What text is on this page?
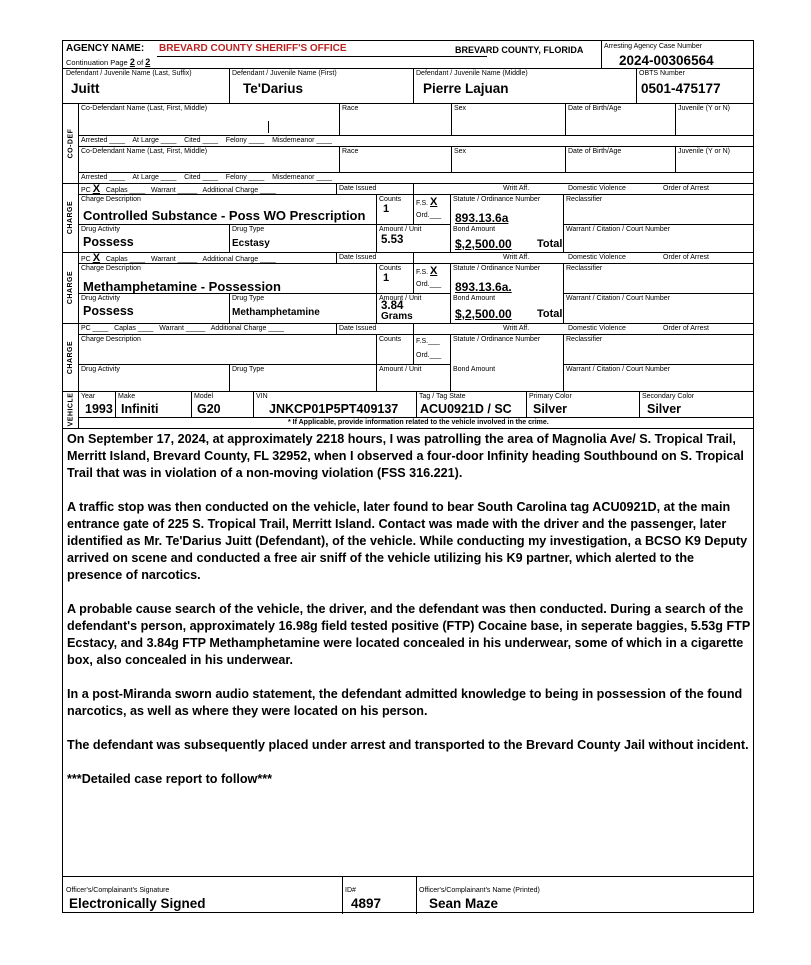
AGENCY NAME: BREVARD COUNTY SHERIFF'S OFFICE
Continuation Page 2 of 2
BREVARD COUNTY, FLORIDA	Arresting Agency Case Number
2024-00306564
Defendant / Juvenile Name (Last, Suffix)
Juitt
Defendant / Juvenile Name (First)
Te'Darius
Defendant / Juvenile Name (Middle)
Pierre Lajuan
OBTS Number
0501-475177
CO-DEF
Co-Defendant Name (Last, First, Middle)	Race	Sex	Date of Birth/Age	Juvenile (Y or N)
Arrested ____    At Large ____    Cited ____    Felony ____    Misdemeanor ____
Co-Defendant Name (Last, First, Middle)	Race	Sex	Date of Birth/Age	Juvenile (Y or N)
Arrested ____    At Large ____    Cited ____    Felony ____    Misdemeanor ____
CHARGE
PC X Caplas ____   Warrant _____   Additional Charge ____	Date Issued	Writt Aff.	Domestic Violence	Order of Arrest
Charge Description
Controlled Substance - Poss WO Prescription
Counts
1	F.S. X
Ord.___
Statute / Ordinance Number
893.13.6a
Reclassifier
Drug Activity
Possess
Drug Type
Ecstasy
Amount / Unit
5.53
Bond Amount
$,2,500.00 Total
Warrant / Citation / Court Number
CHARGE
PC X Caplas ____   Warrant _____   Additional Charge ____	Date Issued	Writt Aff.	Domestic Violence	Order of Arrest
Charge Description
Methamphetamine - Possession
Counts
1	F.S. X
Ord.___
Statute / Ordinance Number
893.13.6a.
Reclassifier
Drug Activity
Possess
Drug Type
Methamphetamine
Amount / Unit
3.84
Grams
Bond Amount
$,2,500.00 Total
Warrant / Citation / Court Number
CHARGE
PC ____   Caplas ____   Warrant _____   Additional Charge ____	Date Issued	Writt Aff.	Domestic Violence	Order of Arrest
Charge Description	Counts F.S.___
Ord.___
Statute / Ordinance Number	Reclassifier
Drug Activity	Drug Type	Amount / Unit	Bond Amount	Warrant / Citation / Court Number
VEHICLE Year
1993
Make
Infiniti
Model
G20
VIN
JNKCP01P5PT409137
Tag / Tag State
ACU0921D / SC
Primary Color
Silver
Secondary Color
Silver
* If Applicable, provide information related to the vehicle involved in the crime.

On September 17, 2024, at approximately 2218 hours, I was patrolling the area of Magnolia Ave/ S. Tropical Trail, Merritt Island, Brevard County, FL 32952, when I observed a four-door Infinity heading Southbound on S. Tropical Trail that was in violation of a non-moving violation (FSS 316.221).

A traffic stop was then conducted on the vehicle, later found to bear South Carolina tag ACU0921D, at the main entrance gate of 225 S. Tropical Trail, Merritt Island. Contact was made with the driver and the passenger, later identified as Mr. Te'Darius Juitt (Defendant), of the vehicle. While conducting my investigation, a BCSO K9 Deputy arrived on scene and conducted a free air sniff of the vehicle utilizing his K9 partner, which alerted to the presence of narcotics.

A probable cause search of the vehicle, the driver, and the defendant was then conducted. During a search of the defendant's person, approximately 16.98g field tested positive (FTP) Cocaine base, in seperate baggies, 5.53g FTP Ecstacy, and 3.84g FTP Methamphetamine were located concealed in his underwear, some of which in a cigarette box, also concealed in his underwear.

In a post-Miranda sworn audio statement, the defendant admitted knowledge to being in possession of the found narcotics, as well as where they were located on his person.

The defendant was subsequently placed under arrest and transported to the Brevard County Jail without incident.

***Detailed case report to follow***

Officer's/Complainant's Signature
Electronically Signed
ID#
4897
Officer's/Complainant's Name (Printed)
Sean Maze
